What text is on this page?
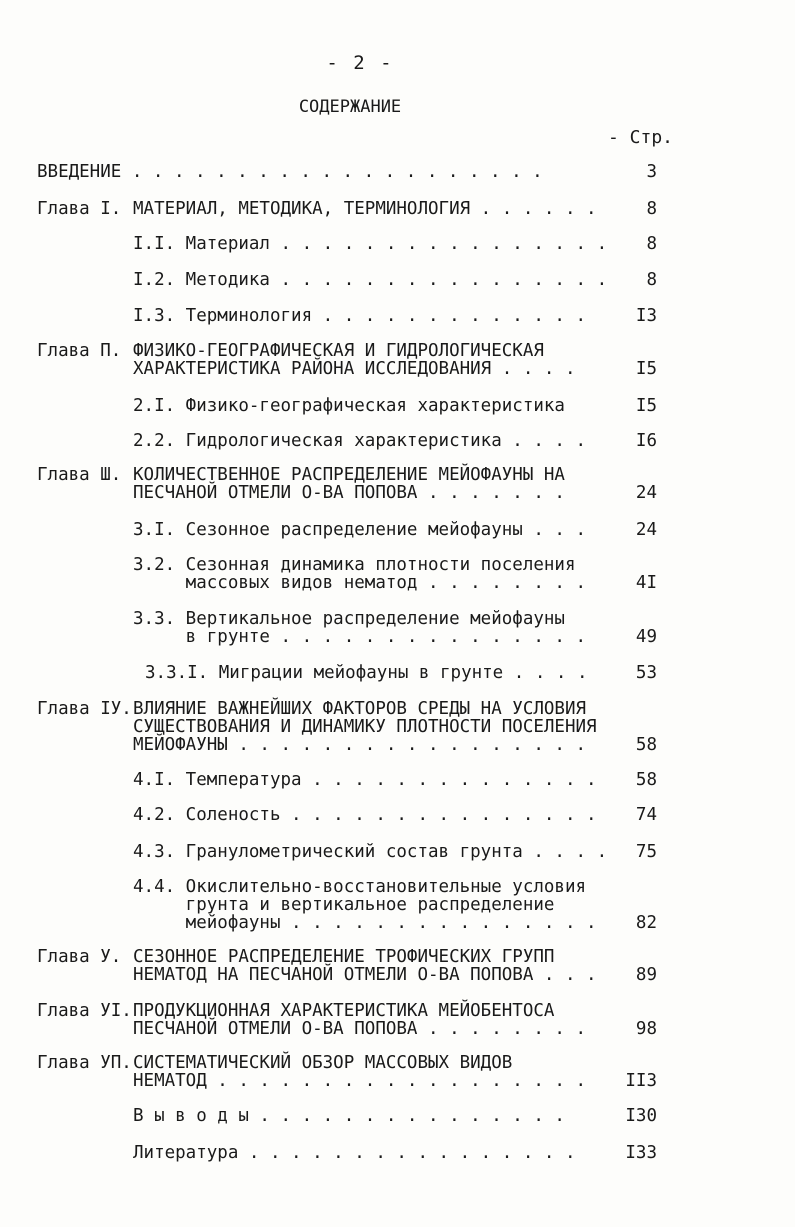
- 2 -
СОДЕРЖАНИЕ
- Стр.
ВВЕДЕНИЕ . . . . . . . . . . . . . . . . . . . .	3
Глава I. МАТЕРИАЛ, МЕТОДИКА, ТЕРМИНОЛОГИЯ . . . . . .	8
I.I. Материал . . . . . . . . . . . . . . . .	8
I.2. Методика . . . . . . . . . . . . . . . .	8
I.3. Терминология . . . . . . . . . . . . .	I3
Глава П. ФИЗИКО-ГЕОГРАФИЧЕСКАЯ И ГИДРОЛОГИЧЕСКАЯ
ХАРАКТЕРИСТИКА РАЙОНА ИССЛЕДОВАНИЯ . . . .	I5
2.I. Физико-географическая характеристика	I5
2.2. Гидрологическая характеристика . . . .	I6
Глава Ш. КОЛИЧЕСТВЕННОЕ РАСПРЕДЕЛЕНИЕ МЕЙОФАУНЫ НА
ПЕСЧАНОЙ ОТМЕЛИ О-ВА ПОПОВА . . . . . . .	24
3.I. Сезонное распределение мейофауны . . .	24
3.2. Сезонная динамика плотности поселения
массовых видов нематод . . . . . . . .	4I
3.3. Вертикальное распределение мейофауны
в грунте . . . . . . . . . . . . . . .	49
3.3.I. Миграции мейофауны в грунте . . . .	53
Глава IУ. ВЛИЯНИЕ ВАЖНЕЙШИХ ФАКТОРОВ СРЕДЫ НА УСЛОВИЯ
СУЩЕСТВОВАНИЯ И ДИНАМИКУ ПЛОТНОСТИ ПОСЕЛЕНИЯ
МЕЙОФАУНЫ . . . . . . . . . . . . . . . . .	58
4.I. Температура . . . . . . . . . . . . . .	58
4.2. Соленость . . . . . . . . . . . . . . .	74
4.3. Гранулометрический состав грунта . . . .	75
4.4. Окислительно-восстановительные условия
грунта и вертикальное распределение
мейофауны . . . . . . . . . . . . . . .	82
Глава У. СЕЗОННОЕ РАСПРЕДЕЛЕНИЕ ТРОФИЧЕСКИХ ГРУПП
НЕМАТОД НА ПЕСЧАНОЙ ОТМЕЛИ О-ВА ПОПОВА . . .	89
Глава УI. ПРОДУКЦИОННАЯ ХАРАКТЕРИСТИКА МЕЙОБЕНТОСА
ПЕСЧАНОЙ ОТМЕЛИ О-ВА ПОПОВА . . . . . . . .	98
Глава УП. СИСТЕМАТИЧЕСКИЙ ОБЗОР МАССОВЫХ ВИДОВ
НЕМАТОД . . . . . . . . . . . . . . . . . .	II3
В ы в о д ы . . . . . . . . . . . . . . .	I30
Литература . . . . . . . . . . . . . . . .	I33
